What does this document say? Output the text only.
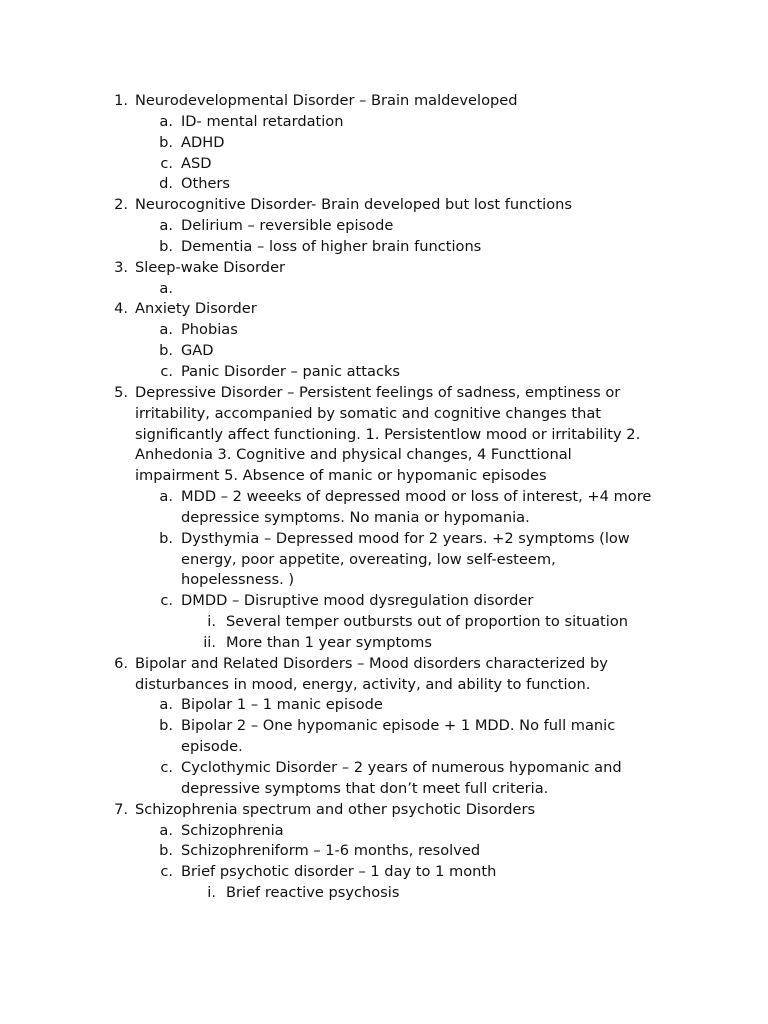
1. Neurodevelopmental Disorder – Brain maldeveloped
a. ID- mental retardation
b. ADHD
c. ASD
d. Others
2. Neurocognitive Disorder- Brain developed but lost functions
a. Delirium – reversible episode
b. Dementia – loss of higher brain functions
3. Sleep-wake Disorder
a.
4. Anxiety Disorder
a. Phobias
b. GAD
c. Panic Disorder – panic attacks
5. Depressive Disorder – Persistent feelings of sadness, emptiness or
irritability, accompanied by somatic and cognitive changes that
significantly affect functioning. 1. Persistentlow mood or irritability 2.
Anhedonia 3. Cognitive and physical changes, 4 Functtional
impairment 5. Absence of manic or hypomanic episodes
a. MDD – 2 weeeks of depressed mood or loss of interest, +4 more
depressice symptoms. No mania or hypomania.
b. Dysthymia – Depressed mood for 2 years. +2 symptoms (low
energy, poor appetite, overeating, low self-esteem,
hopelessness. )
c. DMDD – Disruptive mood dysregulation disorder
i. Several temper outbursts out of proportion to situation
ii. More than 1 year symptoms
6. Bipolar and Related Disorders – Mood disorders characterized by
disturbances in mood, energy, activity, and ability to function.
a. Bipolar 1 – 1 manic episode
b. Bipolar 2 – One hypomanic episode + 1 MDD. No full manic
episode.
c. Cyclothymic Disorder – 2 years of numerous hypomanic and
depressive symptoms that don’t meet full criteria.
7. Schizophrenia spectrum and other psychotic Disorders
a. Schizophrenia
b. Schizophreniform – 1-6 months, resolved
c. Brief psychotic disorder – 1 day to 1 month
i. Brief reactive psychosis
